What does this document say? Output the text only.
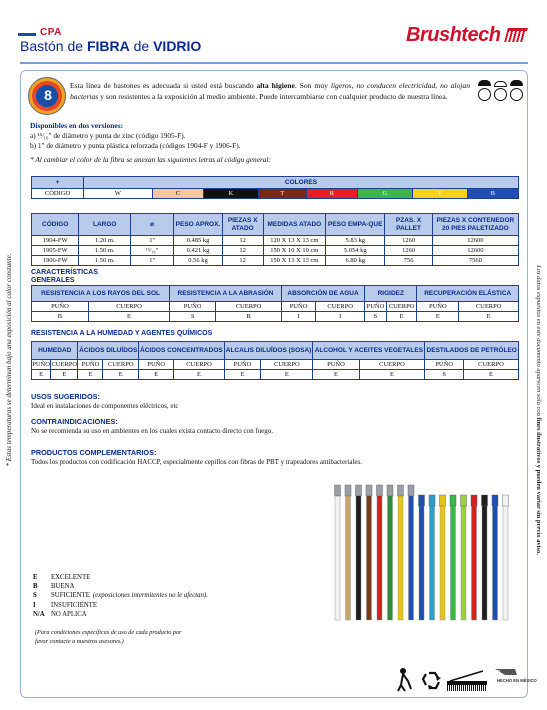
CPA
Bastón de FIBRA de VIDRIO	Brushtech
* Estas temperaturas se determinan bajo una exposición al calor constante.	Los datos expuestos en este documento aparecen sólo con fines ilustrativos y pueden variar sin previo aviso.
8
Esta línea de bastones es adecuada si usted está buscando alta higiene. Son muy ligeros, no conducen electricidad, no alojan bacterias y son resistentes a la exposición al medio ambiente. Puede intercambiarse con cualquier producto de nuestra línea.
Disponibles en dos versiones:
a) ¹⁵⁄₁₆" de diámetro y punta de zinc (código 1905-F).
b) 1" de diámetro y punta plástica reforzada (códigos 1904-F y 1906-F).
* Al cambiar el color de la fibra se anexan las siguientes letras al código general:
+	COLORES							
CÓDIGO	W	C	K	T	R	G	Y	B
CÓDIGO	LARGO	ø	PESO APROX.	PIEZAS X ATADO	MEDIDAS ATADO	PESO EMPA-QUE	PZAS. X PALLET	PIEZAS X CONTENEDOR 20 PIES PALETIZADO
1904-FW	1.20 m.	1"	0.485 kg	12	120 X 13 X 13 cm	5.83 kg	1260	12600
1905-FW	1.50 m.	¹⁵⁄₁₆"	0.421 kg	12	150 X 10 X 10 cm	5.054 kg	1260	12600
1906-FW	1.50 m.	1"	0.56 kg	12	150 X 13 X 13 cm	6.80 kg	756	7560
CARACTERÍSTICAS GENERALES
RESISTENCIA A LOS RAYOS DEL SOL		RESISTENCIA A LA ABRASIÓN		ABSORCIÓN DE AGUA		RIGIDEZ		RECUPERACIÓN ELÁSTICA	
PUÑO	CUERPO	PUÑO	CUERPO	PUÑO	CUERPO	PUÑO	CUERPO	PUÑO	CUERPO
B	E	S	B	I	I	S	E	E	E
RESISTENCIA A LA HUMEDAD Y AGENTES QUÍMICOS
HUMEDAD		ÁCIDOS DILUÍDOS		ÁCIDOS CONCENTRADOS		ALCALIS DILUÍDOS (SOSA)		ALCOHOL Y ACEITES VEGETALES		DESTILADOS DE PETRÓLEO	
PUÑO	CUERPO	PUÑO	CUERPO	PUÑO	CUERPO	PUÑO	CUERPO	PUÑO	CUERPO	PUÑO	CUERPO
E	E	E	E	E	E	E	E	E	E	S	E
USOS SUGERIDOS:
Ideal en instalaciones de componentes eléctricos, etc
CONTRAINDICACIONES:
No se recomienda su uso en ambientes en los cuales exista contacto directo con fuego.
PRODUCTOS COMPLEMENTARIOS:
Todos los productos con codificación HACCP, especialmente cepillos con fibras de PBT y trapeadores antibacteriales.
E	EXCELENTE
B	BUENA
S	SUFICIENTE (exposiciones intermitentes no le afectan).
I	INSUFICIENTE
N/A NO APLICA
(Para condiciones específicas de uso de cada producto por favor contacte a nuestros asesores.)
MX
HECHO EN MÉXICO
